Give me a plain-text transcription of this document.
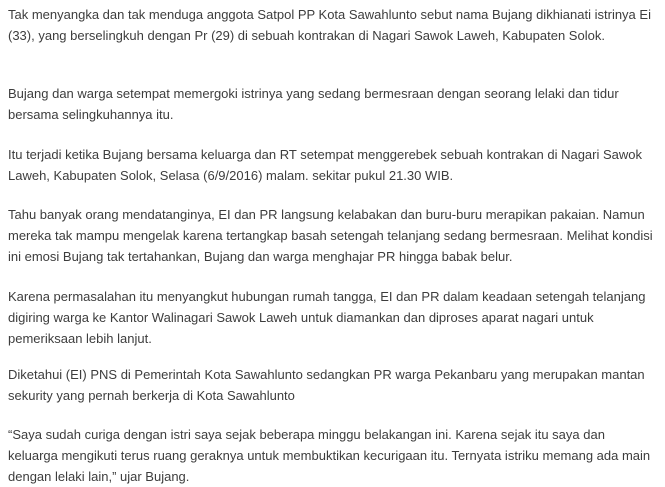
Tak menyangka dan tak menduga anggota Satpol PP Kota Sawahlunto sebut nama Bujang dikhianati istrinya Ei (33), yang berselingkuh dengan Pr (29) di sebuah kontrakan di Nagari Sawok Laweh, Kabupaten Solok.

Bujang dan warga setempat memergoki istrinya yang sedang bermesraan dengan seorang lelaki dan tidur bersama selingkuhannya itu.

Itu terjadi ketika Bujang bersama keluarga dan RT setempat menggerebek sebuah kontrakan di Nagari Sawok Laweh, Kabupaten Solok, Selasa (6/9/2016) malam. sekitar pukul 21.30 WIB.

Tahu banyak orang mendatanginya, EI dan PR langsung kelabakan dan buru-buru merapikan pakaian. Namun mereka tak mampu mengelak karena tertangkap basah setengah telanjang sedang bermesraan. Melihat kondisi ini emosi Bujang tak tertahankan, Bujang dan warga menghajar PR hingga babak belur.

Karena permasalahan itu menyangkut hubungan rumah tangga, EI dan PR dalam keadaan setengah telanjang digiring warga ke Kantor Walinagari Sawok Laweh untuk diamankan dan diproses aparat nagari untuk pemeriksaan lebih lanjut.

Diketahui (EI) PNS di Pemerintah Kota Sawahlunto sedangkan PR warga Pekanbaru yang merupakan mantan sekurity yang pernah berkerja di Kota Sawahlunto

“Saya sudah curiga dengan istri saya sejak beberapa minggu belakangan ini. Karena sejak itu saya dan keluarga mengikuti terus ruang geraknya untuk membuktikan kecurigaan itu. Ternyata istriku memang ada main dengan lelaki lain,” ujar Bujang.
